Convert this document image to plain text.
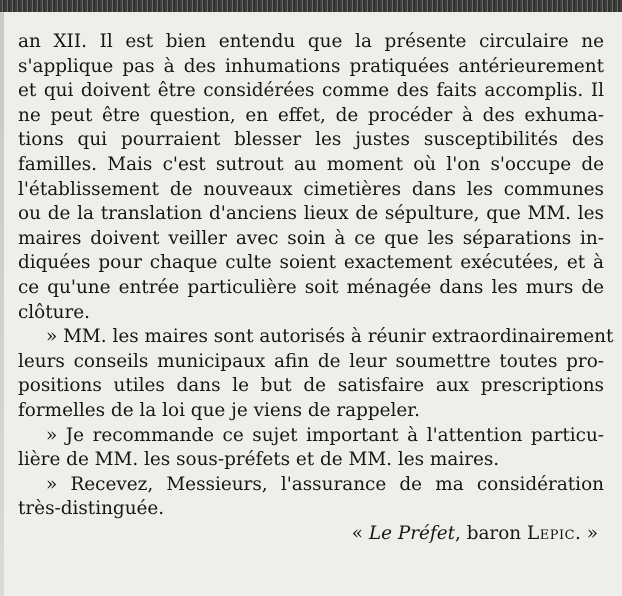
an XII. Il est bien entendu que la présente circulaire ne
s'applique pas à des inhumations pratiquées antérieurement
et qui doivent être considérées comme des faits accomplis. Il
ne peut être question, en effet, de procéder à des exhuma-
tions qui pourraient blesser les justes susceptibilités des
familles. Mais c'est sutrout au moment où l'on s'occupe de
l'établissement de nouveaux cimetières dans les communes
ou de la translation d'anciens lieux de sépulture, que MM. les
maires doivent veiller avec soin à ce que les séparations in-
diquées pour chaque culte soient exactement exécutées, et à
ce qu'une entrée particulière soit ménagée dans les murs de
clôture.
» MM. les maires sont autorisés à réunir extraordinairement
leurs conseils municipaux afin de leur soumettre toutes pro-
positions utiles dans le but de satisfaire aux prescriptions
formelles de la loi que je viens de rappeler.
» Je recommande ce sujet important à l'attention particu-
lière de MM. les sous-préfets et de MM. les maires.
» Recevez, Messieurs, l'assurance de ma considération
très-distinguée.
« Le Préfet, baron Lepic. »
